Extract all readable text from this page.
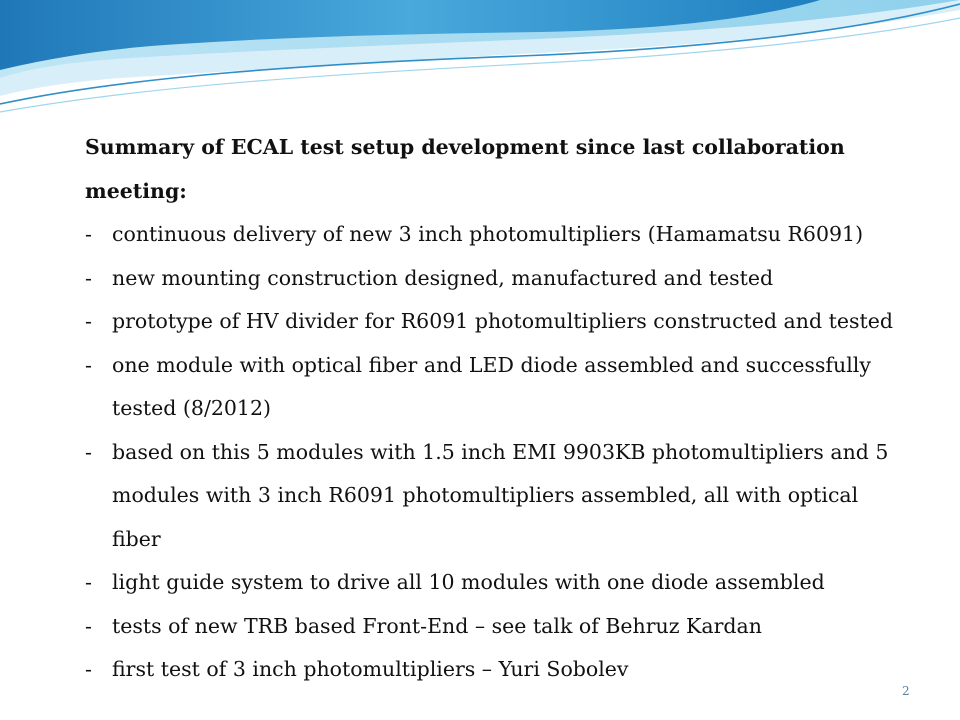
Summary of ECAL test setup development since last collaboration meeting:
- continuous delivery of new 3 inch photomultipliers (Hamamatsu R6091)
- new mounting construction designed, manufactured and tested
- prototype of HV divider for R6091 photomultipliers constructed and tested
- one module with optical fiber and LED diode assembled and successfully tested (8/2012)
- based on this 5 modules with 1.5 inch EMI 9903KB photomultipliers and 5 modules with 3 inch R6091 photomultipliers assembled, all with optical fiber
- light guide system to drive all 10 modules with one diode assembled
- tests of new TRB based Front-End – see talk of Behruz Kardan
- first test of 3 inch photomultipliers – Yuri Sobolev
2
